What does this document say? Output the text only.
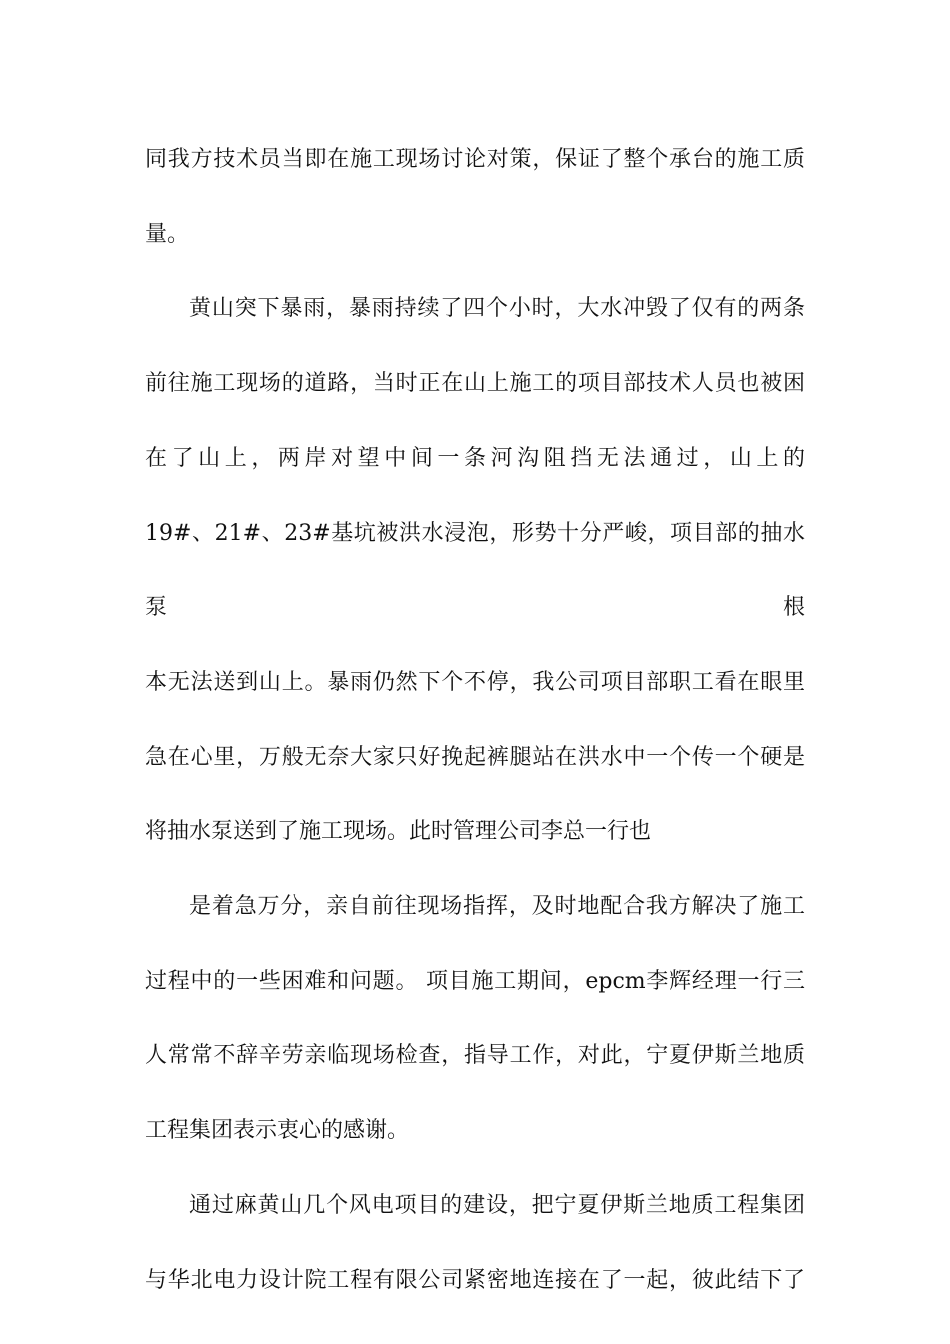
同我方技术员当即在施工现场讨论对策，保证了整个承台的施工质
量。
黄山突下暴雨，暴雨持续了四个小时，大水冲毁了仅有的两条
前往施工现场的道路，当时正在山上施工的项目部技术人员也被困
在了山上，两岸对望中间一条河沟阻挡无法通过，山上的
19#、21#、23#基坑被洪水浸泡，形势十分严峻，项目部的抽水泵根
本无法送到山上。暴雨仍然下个不停，我公司项目部职工看在眼里
急在心里，万般无奈大家只好挽起裤腿站在洪水中一个传一个硬是
将抽水泵送到了施工现场。此时管理公司李总一行也
是着急万分，亲自前往现场指挥，及时地配合我方解决了施工
过程中的一些困难和问题。 项目施工期间，epcm李辉经理一行三
人常常不辞辛劳亲临现场检查，指导工作，对此，宁夏伊斯兰地质
工程集团表示衷心的感谢。
通过麻黄山几个风电项目的建设，把宁夏伊斯兰地质工程集团
与华北电力设计院工程有限公司紧密地连接在了一起，彼此结下了
